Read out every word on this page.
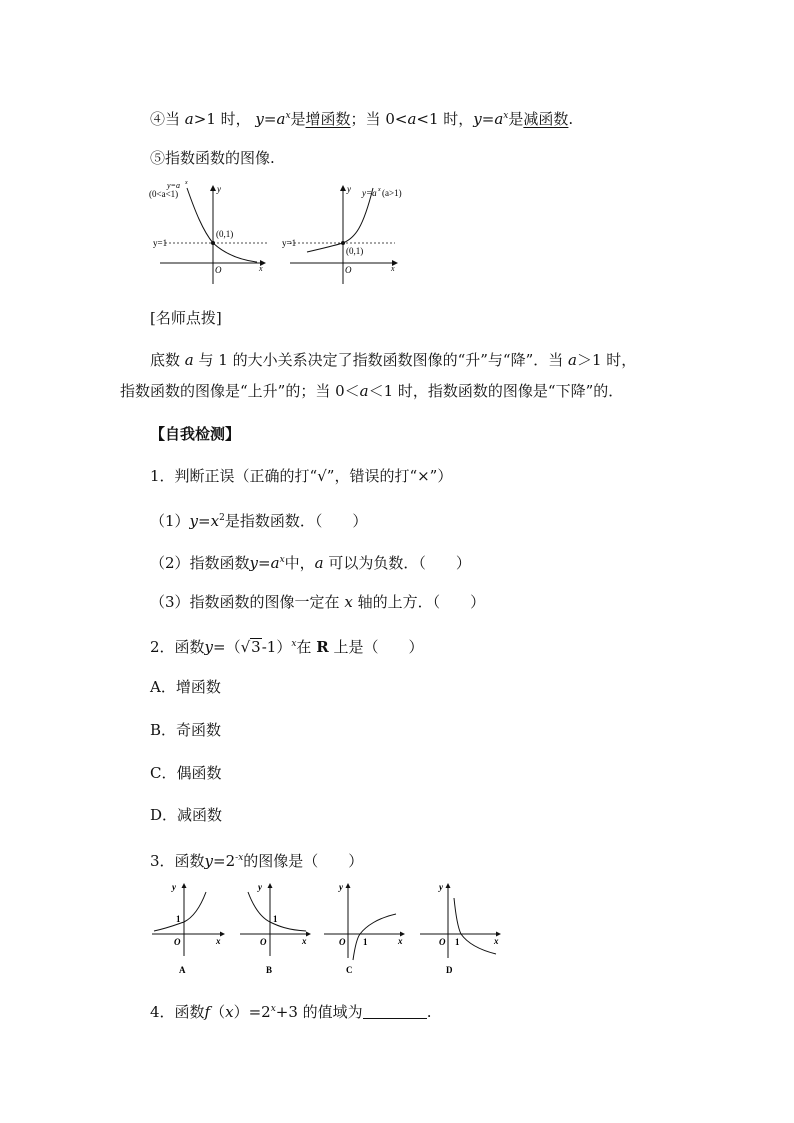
④当 a>1 时， $y=a^x$是增函数；当 0<a<1 时，$y=a^x$是减函数.
⑤指数函数的图像.
y=a x
(0<a<1)	y
x
O
(0,1)
y=1
y=a x (a>1)
y
x
O
(0,1)
y=1
[名师点拨]
底数 a 与 1 的大小关系决定了指数函数图像的“升”与“降”．当 a＞1 时，
指数函数的图像是“上升”的；当 0＜a＜1 时，指数函数的图像是“下降”的．
【自我检测】
1．判断正误（正确的打“√”，错误的打“×”）
$(1)y=x^2$是指数函数．（　　）
（2）指数函数$y=a^x$中，a 可以为负数．（　　）
（3）指数函数的图像一定在 x 轴的上方．（　　）
2．函数$y=(√3-1)^x$在 R 上是（　　）
A．增函数
B．奇函数
C．偶函数
D．减函数
3．函数$y=2^{-x}$的图像是（　　）
y
x
O
1
A
y
x
O
1
B
y
x
O 1
C
y
x
O 1
D
4．函数$f(x)=2^x+3$ 的值域为	.
